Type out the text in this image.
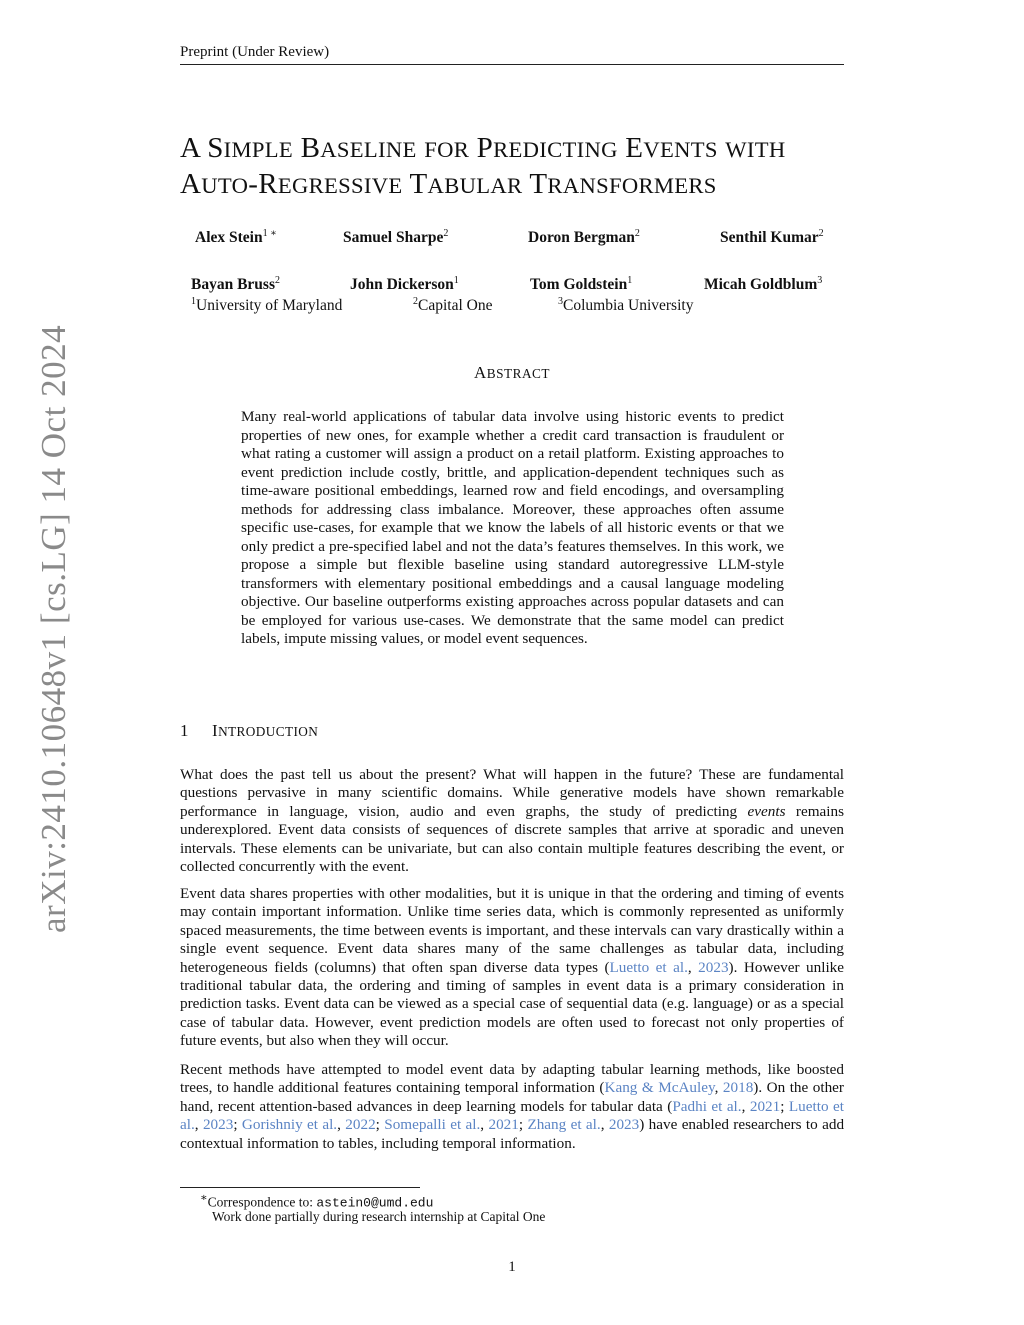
Preprint (Under Review)
A SIMPLE BASELINE FOR PREDICTING EVENTS WITH
AUTO-REGRESSIVE TABULAR TRANSFORMERS
Alex Stein$^{1 ∗}$	Samuel Sharpe$^2$	Doron Bergman$^2$	Senthil Kumar$^2$
Bayan Bruss$^2$	John Dickerson$^1$	Tom Goldstein$^1$	Micah Goldblum$^3$
$^1$University of Maryland	$^2$Capital One	$^3$Columbia University
ABSTRACT
Many real-world applications of tabular data involve using historic events to predict properties of new ones, for example whether a credit card transaction is fraudulent or what rating a customer will assign a product on a retail platform. Existing approaches to event prediction include costly, brittle, and application-dependent techniques such as time-aware positional embeddings, learned row and field encodings, and oversampling methods for addressing class imbalance. Moreover, these approaches often assume specific use-cases, for example that we know the labels of all historic events or that we only predict a pre-specified label and not the data’s features themselves. In this work, we propose a simple but flexible baseline using standard autoregressive LLM-style transformers with elementary positional embeddings and a causal language modeling objective. Our baseline outperforms existing approaches across popular datasets and can be employed for various use-cases. We demonstrate that the same model can predict labels, impute missing values, or model event sequences.
1 INTRODUCTION
What does the past tell us about the present? What will happen in the future? These are fundamental questions pervasive in many scientific domains. While generative models have shown remarkable performance in language, vision, audio and even graphs, the study of predicting events remains underexplored. Event data consists of sequences of discrete samples that arrive at sporadic and uneven intervals. These elements can be univariate, but can also contain multiple features describing the event, or collected concurrently with the event.
Event data shares properties with other modalities, but it is unique in that the ordering and timing of events may contain important information. Unlike time series data, which is commonly represented as uniformly spaced measurements, the time between events is important, and these intervals can vary drastically within a single event sequence. Event data shares many of the same challenges as tabular data, including heterogeneous fields (columns) that often span diverse data types (Luetto et al., 2023). However unlike traditional tabular data, the ordering and timing of samples in event data is a primary consideration in prediction tasks. Event data can be viewed as a special case of sequential data (e.g. language) or as a special case of tabular data. However, event prediction models are often used to forecast not only properties of future events, but also when they will occur.
Recent methods have attempted to model event data by adapting tabular learning methods, like boosted trees, to handle additional features containing temporal information (Kang & McAuley, 2018). On the other hand, recent attention-based advances in deep learning models for tabular data (Padhi et al., 2021; Luetto et al., 2023; Gorishniy et al., 2022; Somepalli et al., 2021; Zhang et al., 2023) have enabled researchers to add contextual information to tables, including temporal information.
∗Correspondence to: astein0@umd.edu
Work done partially during research internship at Capital One
1
arXiv:2410.10648v1 [cs.LG] 14 Oct 2024
